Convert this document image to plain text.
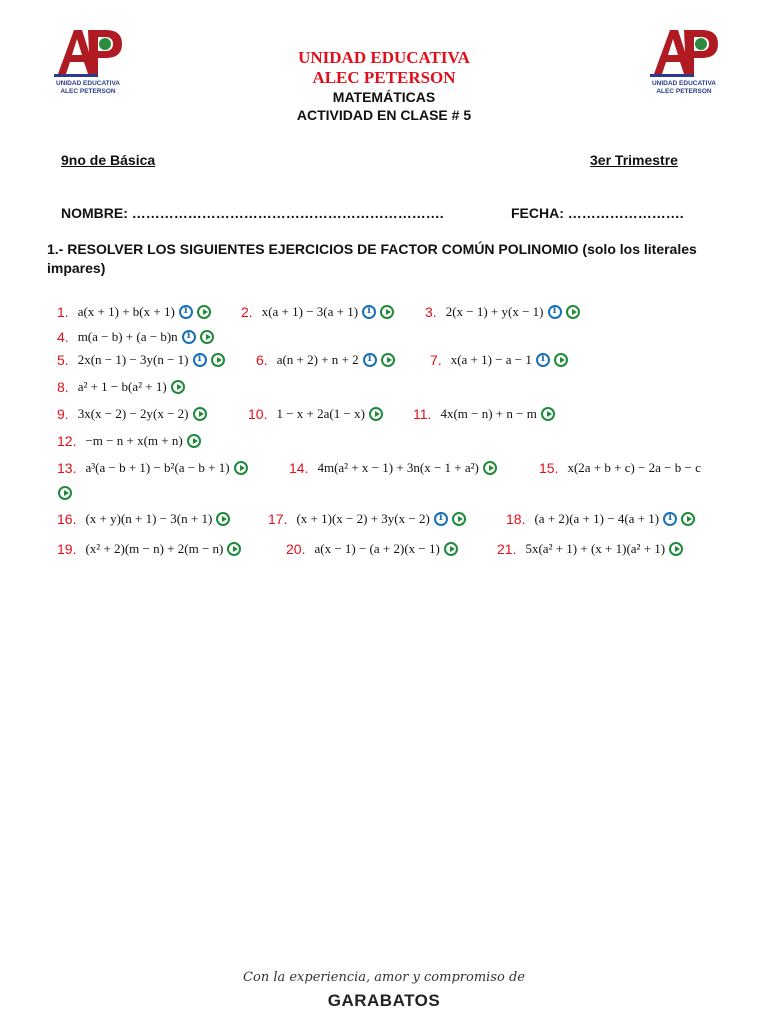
UNIDAD EDUCATIVA
ALEC PETERSON
UNIDAD EDUCATIVA
ALEC PETERSON
UNIDAD EDUCATIVA
ALEC PETERSON
MATEMÁTICAS
ACTIVIDAD EN CLASE # 5
9no de Básica	3er Trimestre
NOMBRE: ………………………………………………………….	FECHA: …………………….
1.- RESOLVER LOS SIGUIENTES EJERCICIOS DE FACTOR COMÚN POLINOMIO (solo los literales impares)
1. a(x + 1) + b(x + 1) i	2. x(a + 1) − 3(a + 1) i	3. 2(x − 1) + y(x − 1)
i
4. m(a − b) + (a − b)n
i
5. 2x(n − 1) − 3y(n − 1) i	6. a(n + 2) + n + 2 i	7. x(a + 1) − a − 1
i
8. a² + 1 − b(a² + 1)
9. 3x(x − 2) − 2y(x − 2)	10. 1 − x + 2a(1 − x)	11. 4x(m − n) + n − m
12. −m − n + x(m + n)
13. a³(a − b + 1) − b²(a − b + 1)	14. 4m(a² + x − 1) + 3n(x − 1 + a²)	15. x(2a + b + c) − 2a − b − c
16. (x + y)(n + 1) − 3(n + 1)	17. (x + 1)(x − 2) + 3y(x − 2) i	18. (a + 2)(a + 1) − 4(a + 1)
i
19. (x² + 2)(m − n) + 2(m − n)	20. a(x − 1) − (a + 2)(x − 1)	21. 5x(a² + 1) + (x + 1)(a² + 1)
Con la experiencia, amor y compromiso de
GARABATOS
